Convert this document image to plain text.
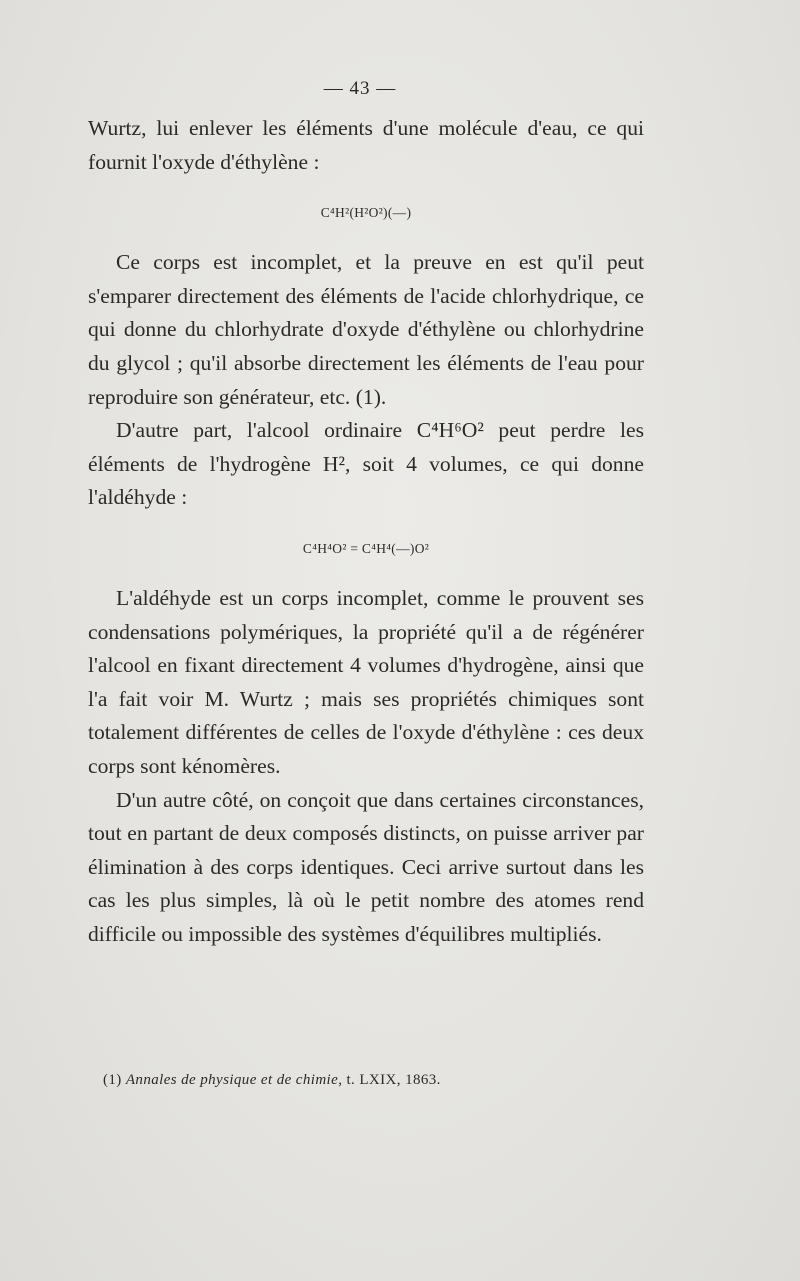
— 43 —

Wurtz, lui enlever les éléments d'une molécule d'eau, ce qui fournit l'oxyde d'éthylène :

C⁴H²(H²O²)(—)

Ce corps est incomplet, et la preuve en est qu'il peut s'emparer directement des éléments de l'acide chlorhydrique, ce qui donne du chlorhydrate d'oxyde d'éthylène ou chlorhydrine du glycol ; qu'il absorbe directement les éléments de l'eau pour reproduire son générateur, etc. (1).

D'autre part, l'alcool ordinaire C⁴H⁶O² peut perdre les éléments de l'hydrogène H², soit 4 volumes, ce qui donne l'aldéhyde :

C⁴H⁴O² = C⁴H⁴(—)O²

L'aldéhyde est un corps incomplet, comme le prouvent ses condensations polymériques, la propriété qu'il a de régénérer l'alcool en fixant directement 4 volumes d'hydrogène, ainsi que l'a fait voir M. Wurtz ; mais ses propriétés chimiques sont totalement différentes de celles de l'oxyde d'éthylène : ces deux corps sont kénomères.

D'un autre côté, on conçoit que dans certaines circonstances, tout en partant de deux composés distincts, on puisse arriver par élimination à des corps identiques. Ceci arrive surtout dans les cas les plus simples, là où le petit nombre des atomes rend difficile ou impossible des systèmes d'équilibres multipliés.

(1) Annales de physique et de chimie, t. LXIX, 1863.
